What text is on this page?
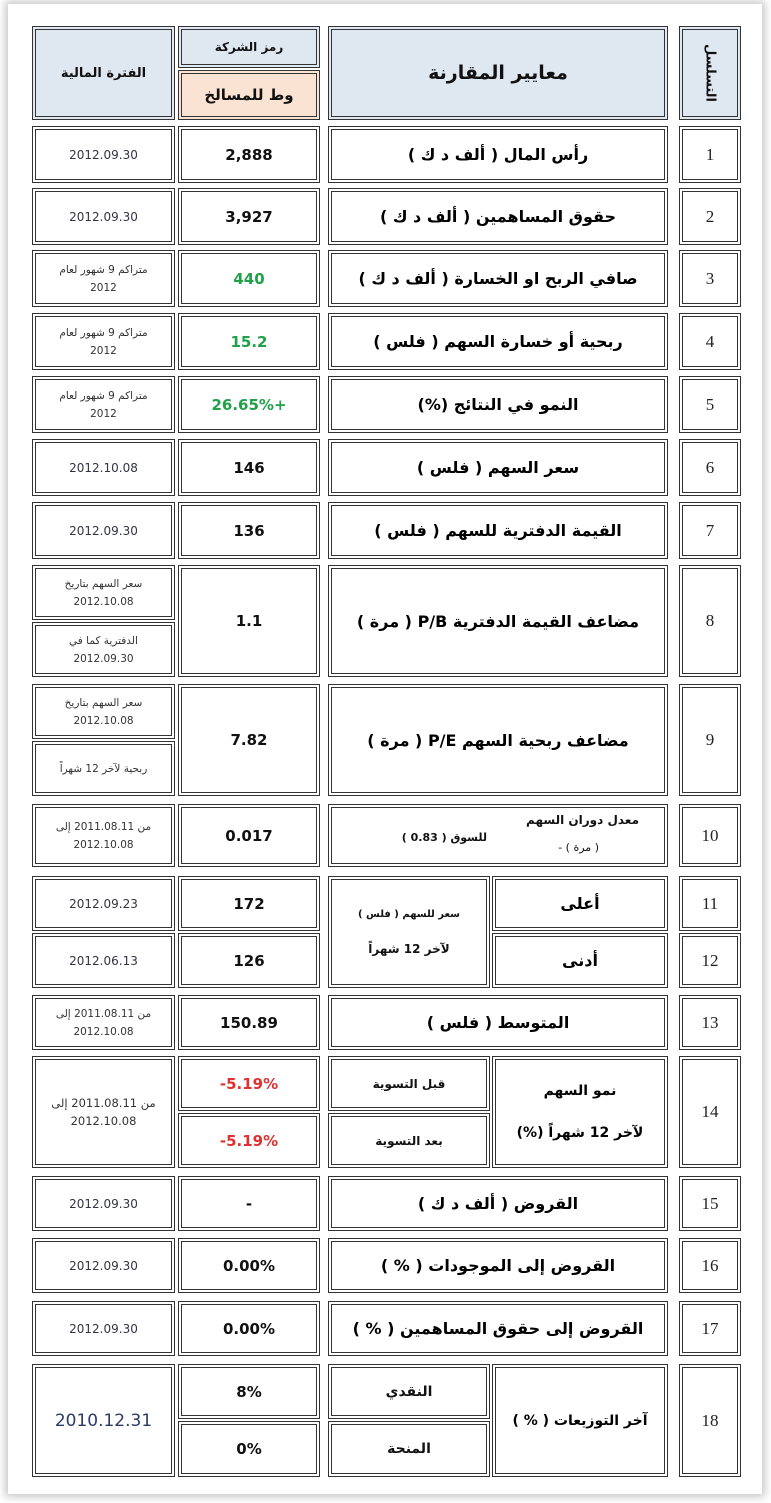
التسلسل
معايير المقارنة
رمز الشركة
وط للمسالخ
الفترة المالية
1
رأس المال ( ألف د ك )
2,888
2012.09.30
2
حقوق المساهمين ( ألف د ك )
3,927
2012.09.30
3
صافي الربح او الخسارة ( ألف د ك )
440
متراكم 9 شهور لعام 2012
4
ربحية أو خسارة السهم ( فلس )
15.2
متراكم 9 شهور لعام 2012
5
النمو في النتائج (%)
26.65%+
متراكم 9 شهور لعام 2012
6
سعر السهم ( فلس )
146
2012.10.08
7
القيمة الدفترية للسهم ( فلس )
136
2012.09.30
8
مضاعف القيمة الدفترية P/B ( مرة )
1.1
سعر السهم بتاريخ 2012.10.08
الدفترية كما في 2012.09.30
9
مضاعف ربحية السهم P/E ( مرة )
7.82
سعر السهم بتاريخ 2012.10.08
ربحية لآخر 12 شهراً
10
معدل دوران السهم
( مرة ) -
للسوق ( 0.83 )
0.017
من 2011.08.11 إلى 2012.10.08
11
12
أعلى
أدنى
سعر للسهم ( فلس )
لآخر 12 شهراً
172
126
2012.09.23
2012.06.13
13
المتوسط ( فلس )
150.89
من 2011.08.11 إلى 2012.10.08
14
نمو السهم
لآخر 12 شهراً (%)
قبل التسوية
بعد التسوية
-5.19%
-5.19%
من 2011.08.11 إلى 2012.10.08
15
القروض ( ألف د ك )
-
2012.09.30
16
القروض إلى الموجودات ( % )
0.00%
2012.09.30
17
القروض إلى حقوق المساهمين ( % )
0.00%
2012.09.30
18
آخر التوزيعات ( % )
النقدي
المنحة
8%
0%
2010.12.31
